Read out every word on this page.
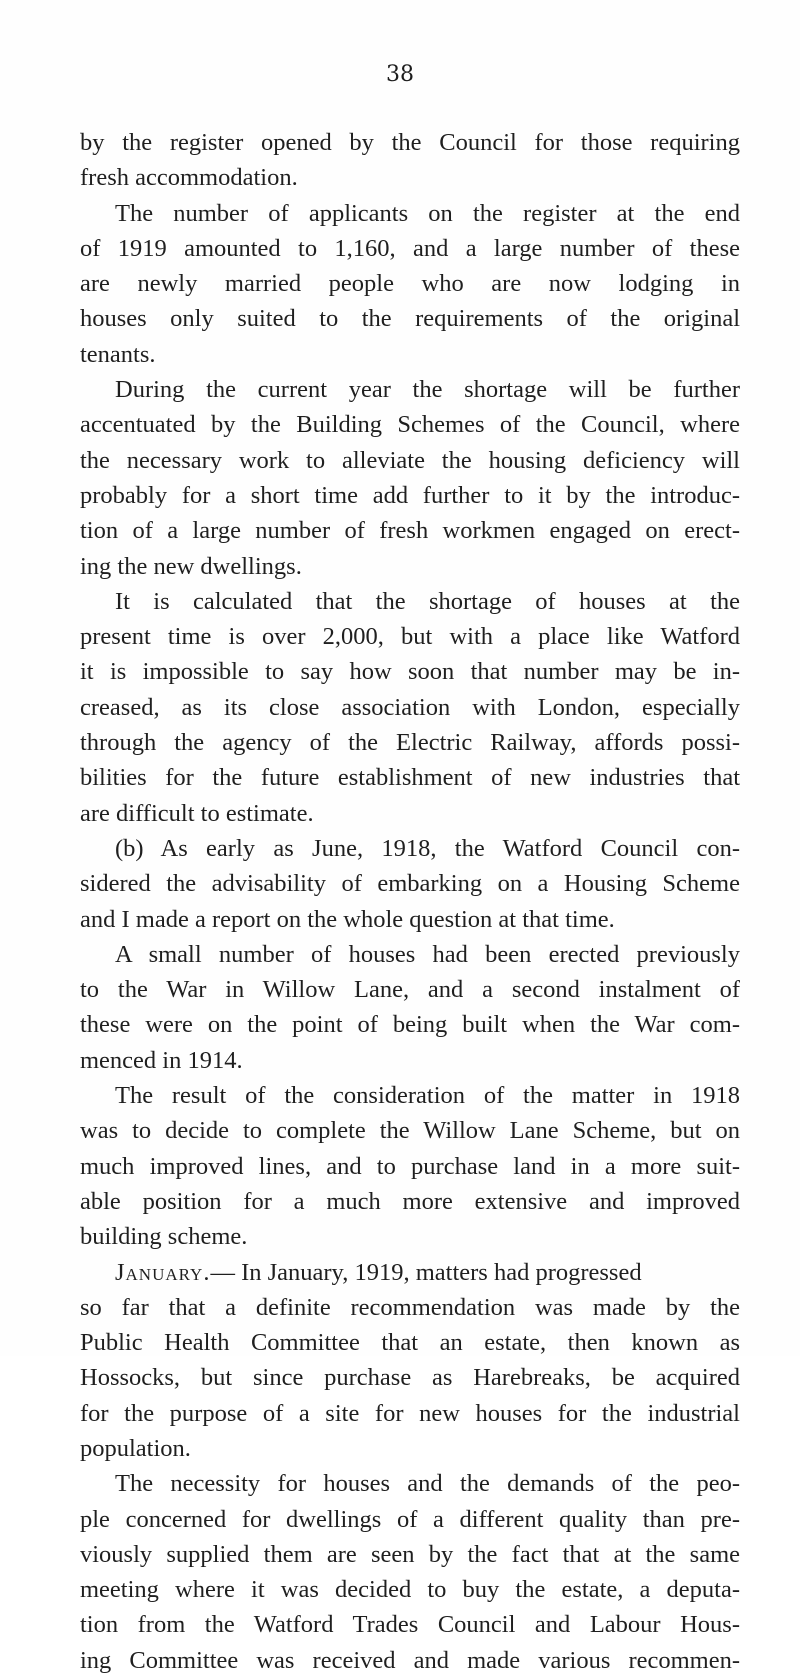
38
by the register opened by the Council for those requiring
fresh accommodation.
The number of applicants on the register at the end
of 1919 amounted to 1,160, and a large number of these
are newly married people who are now lodging in
houses only suited to the requirements of the original
tenants.
During the current year the shortage will be further
accentuated by the Building Schemes of the Council, where
the necessary work to alleviate the housing deficiency will
probably for a short time add further to it by the introduc-
tion of a large number of fresh workmen engaged on erect-
ing the new dwellings.
It is calculated that the shortage of houses at the
present time is over 2,000, but with a place like Watford
it is impossible to say how soon that number may be in-
creased, as its close association with London, especially
through the agency of the Electric Railway, affords possi-
bilities for the future establishment of new industries that
are difficult to estimate.
(b) As early as June, 1918, the Watford Council con-
sidered the advisability of embarking on a Housing Scheme
and I made a report on the whole question at that time.
A small number of houses had been erected previously
to the War in Willow Lane, and a second instalment of
these were on the point of being built when the War com-
menced in 1914.
The result of the consideration of the matter in 1918
was to decide to complete the Willow Lane Scheme, but on
much improved lines, and to purchase land in a more suit-
able position for a much more extensive and improved
building scheme.
January.— In January, 1919, matters had progressed
so far that a definite recommendation was made by the
Public Health Committee that an estate, then known as
Hossocks, but since purchase as Harebreaks, be acquired
for the purpose of a site for new houses for the industrial
population.
The necessity for houses and the demands of the peo-
ple concerned for dwellings of a different quality than pre-
viously supplied them are seen by the fact that at the same
meeting where it was decided to buy the estate, a deputa-
tion from the Watford Trades Council and Labour Hous-
ing Committee was received and made various recommen-
